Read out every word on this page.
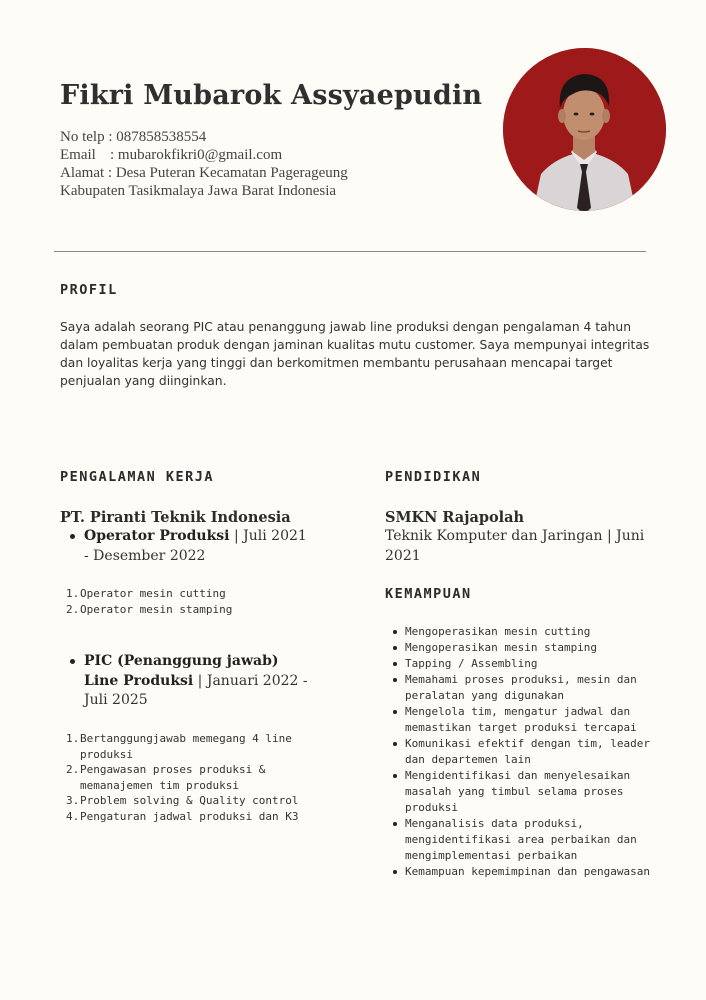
Fikri Mubarok Assyaepudin
No telp : 087858538554
Email : mubarokfikri0@gmail.com
Alamat : Desa Puteran Kecamatan Pagerageung
Kabupaten Tasikmalaya Jawa Barat Indonesia
PROFIL
Saya adalah seorang PIC atau penanggung jawab line produksi dengan pengalaman 4 tahun dalam pembuatan produk dengan jaminan kualitas mutu customer. Saya mempunyai integritas dan loyalitas kerja yang tinggi dan berkomitmen membantu perusahaan mencapai target penjualan yang diinginkan.
PENGALAMAN KERJA
PT. Piranti Teknik Indonesia
Operator Produksi | Juli 2021 - Desember 2022
1. Operator mesin cutting
2. Operator mesin stamping
PIC (Penanggung jawab) Line Produksi | Januari 2022 - Juli 2025
1. Bertanggungjawab memegang 4 line produksi
2. Pengawasan proses produksi & memanajemen tim produksi
3. Problem solving & Quality control
4. Pengaturan jadwal produksi dan K3
PENDIDIKAN
SMKN Rajapolah
Teknik Komputer dan Jaringan | Juni 2021
KEMAMPUAN
Mengoperasikan mesin cutting
Mengoperasikan mesin stamping
Tapping / Assembling
Memahami proses produksi, mesin dan peralatan yang digunakan
Mengelola tim, mengatur jadwal dan memastikan target produksi tercapai
Komunikasi efektif dengan tim, leader dan departemen lain
Mengidentifikasi dan menyelesaikan masalah yang timbul selama proses produksi
Menganalisis data produksi, mengidentifikasi area perbaikan dan mengimplementasi perbaikan
Kemampuan kepemimpinan dan pengawasan
